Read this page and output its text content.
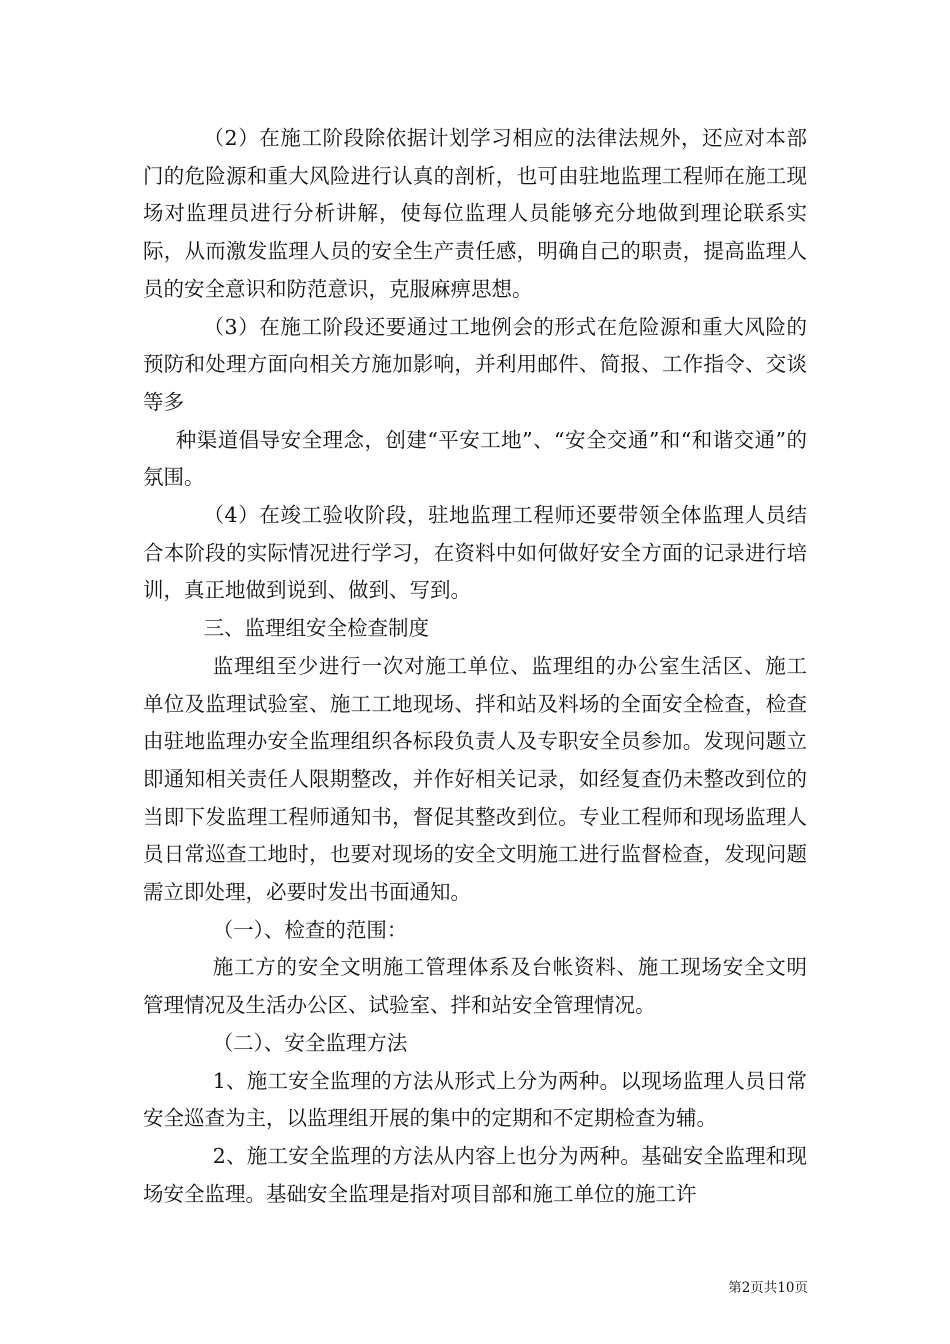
（2）在施工阶段除依据计划学习相应的法律法规外，还应对本部门的危险源和重大风险进行认真的剖析，也可由驻地监理工程师在施工现场对监理员进行分析讲解，使每位监理人员能够充分地做到理论联系实际，从而激发监理人员的安全生产责任感，明确自己的职责，提高监理人员的安全意识和防范意识，克服麻痹思想。

（3）在施工阶段还要通过工地例会的形式在危险源和重大风险的预防和处理方面向相关方施加影响，并利用邮件、简报、工作指令、交谈等多

种渠道倡导安全理念，创建“平安工地”、“安全交通”和“和谐交通”的氛围。

（4）在竣工验收阶段，驻地监理工程师还要带领全体监理人员结合本阶段的实际情况进行学习，在资料中如何做好安全方面的记录进行培训，真正地做到说到、做到、写到。

三、监理组安全检查制度

监理组至少进行一次对施工单位、监理组的办公室生活区、施工单位及监理试验室、施工工地现场、拌和站及料场的全面安全检查，检查由驻地监理办安全监理组织各标段负责人及专职安全员参加。发现问题立即通知相关责任人限期整改，并作好相关记录，如经复查仍未整改到位的当即下发监理工程师通知书，督促其整改到位。专业工程师和现场监理人员日常巡查工地时，也要对现场的安全文明施工进行监督检查，发现问题需立即处理，必要时发出书面通知。

（一）、检查的范围：

施工方的安全文明施工管理体系及台帐资料、施工现场安全文明管理情况及生活办公区、试验室、拌和站安全管理情况。

（二）、安全监理方法

1、施工安全监理的方法从形式上分为两种。以现场监理人员日常安全巡查为主，以监理组开展的集中的定期和不定期检查为辅。

2、施工安全监理的方法从内容上也分为两种。基础安全监理和现场安全监理。基础安全监理是指对项目部和施工单位的施工许

第2页共10页
